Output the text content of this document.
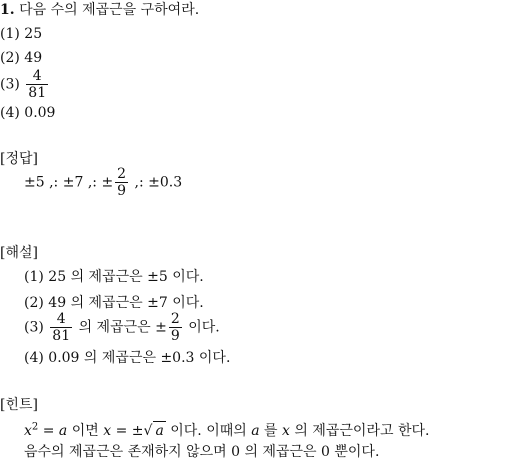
1. 다음 수의 제곱근을 구하여라.
(1) 25
(2) 49
$(3) \frac{4}{81}$
(4) 0.09
[정답]
±5 ,: ±7 ,: ± $\frac{2}{9}$ ,: ±0.3
[해설]
(1) 25 의 제곱근은 ±5 이다.
(2) 49 의 제곱근은 ±7 이다.
$(3) \frac{4}{81}$ 의 제곱근은 ± $\frac{2}{9}$ 이다.
(4) 0.09 의 제곱근은 ±0.3 이다.
[힌트]
$x^2 = a$ 이면 x = ±√ a 이다. 이때의 a 를 x 의 제곱근이라고 한다.
음수의 제곱근은 존재하지 않으며 0 의 제곱근은 0 뿐이다.
